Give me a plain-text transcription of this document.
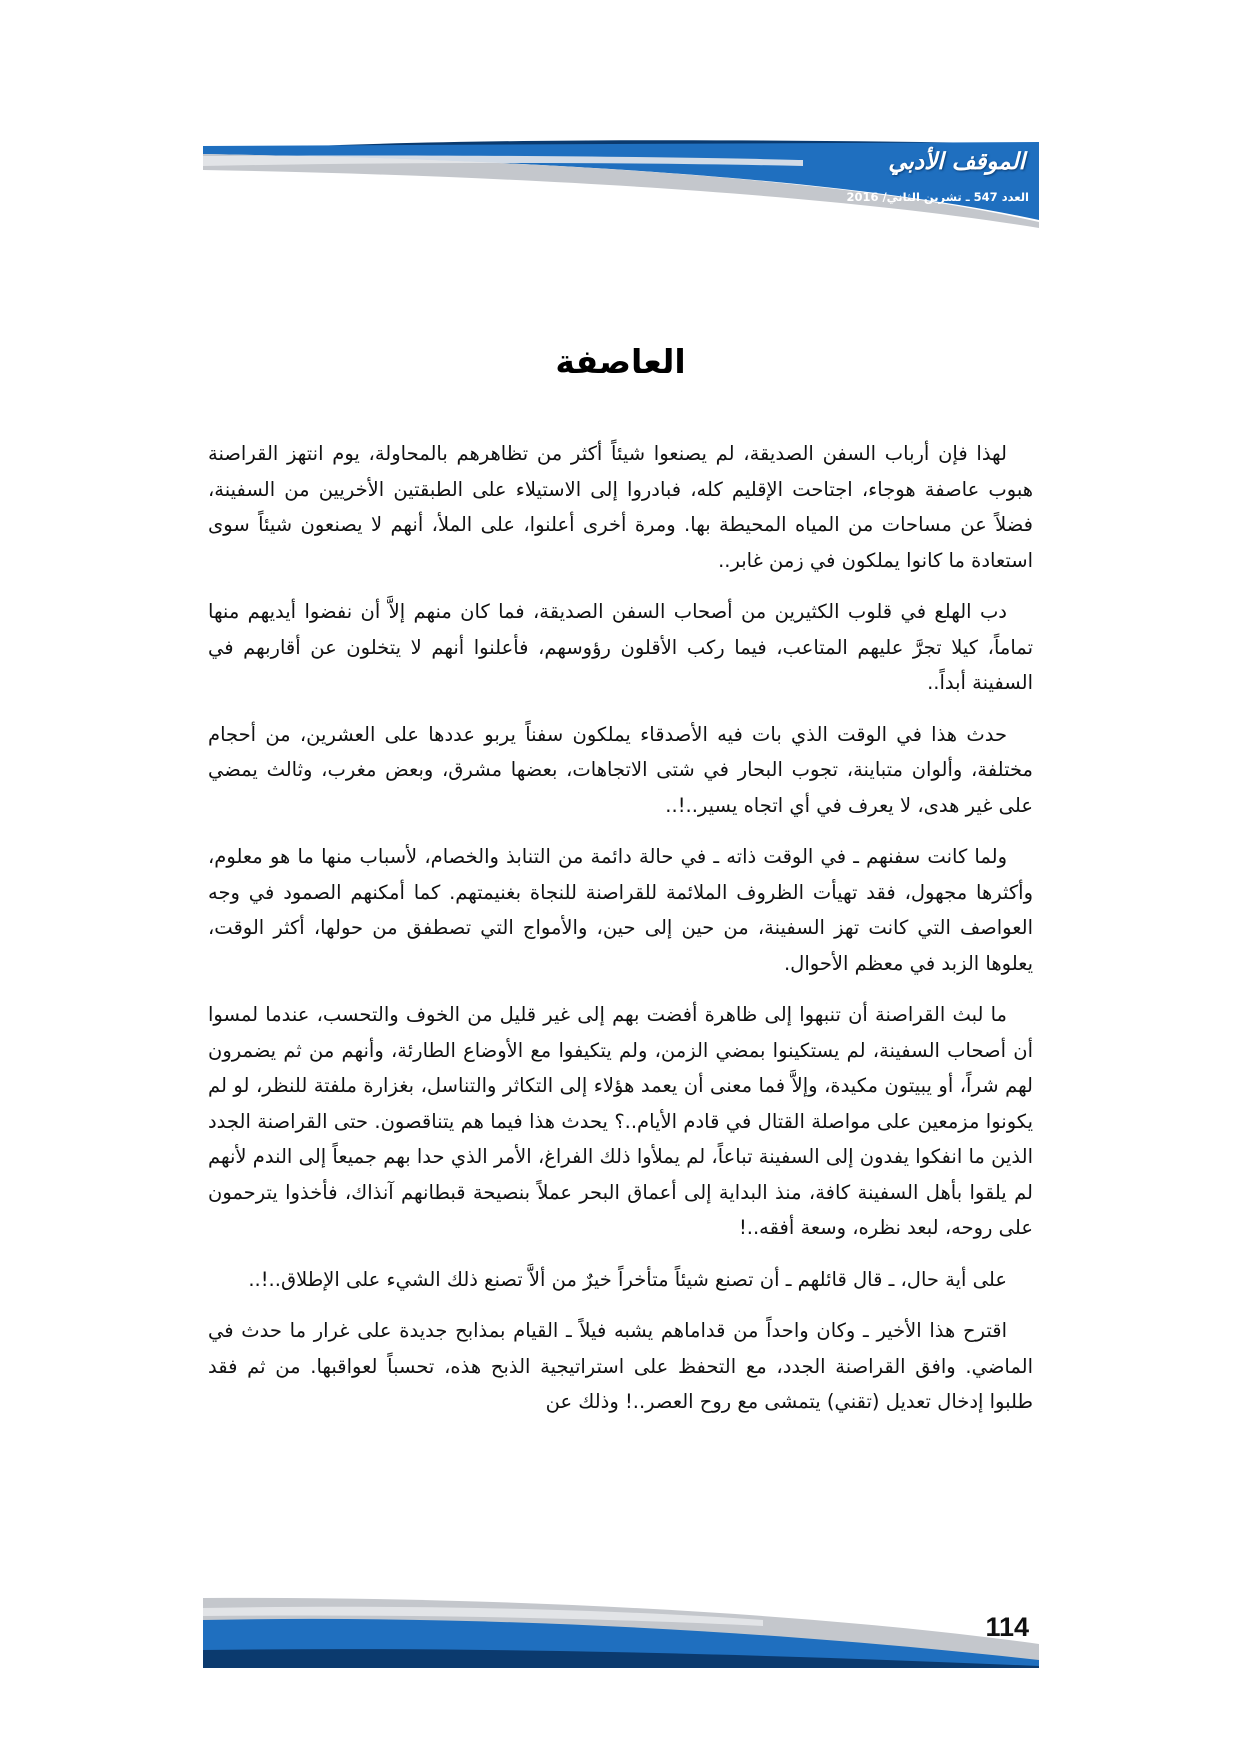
الموقف الأدبي
العدد 547 ـ تشرين الثاني/ 2016
العاصفة

لهذا فإن أرباب السفن الصديقة، لم يصنعوا شيئاً أكثر من تظاهرهم بالمحاولة، يوم انتهز القراصنة هبوب عاصفة هوجاء، اجتاحت الإقليم كله، فبادروا إلى الاستيلاء على الطبقتين الأخريين من السفينة، فضلاً عن مساحات من المياه المحيطة بها. ومرة أخرى أعلنوا، على الملأ، أنهم لا يصنعون شيئاً سوى استعادة ما كانوا يملكون في زمن غابر..

دب الهلع في قلوب الكثيرين من أصحاب السفن الصديقة، فما كان منهم إلاَّ أن نفضوا أيديهم منها تماماً، كيلا تجرَّ عليهم المتاعب، فيما ركب الأقلون رؤوسهم، فأعلنوا أنهم لا يتخلون عن أقاربهم في السفينة أبداً..

حدث هذا في الوقت الذي بات فيه الأصدقاء يملكون سفناً يربو عددها على العشرين، من أحجام مختلفة، وألوان متباينة، تجوب البحار في شتى الاتجاهات، بعضها مشرق، وبعض مغرب، وثالث يمضي على غير هدى، لا يعرف في أي اتجاه يسير..!..

ولما كانت سفنهم ـ في الوقت ذاته ـ في حالة دائمة من التنابذ والخصام، لأسباب منها ما هو معلوم، وأكثرها مجهول، فقد تهيأت الظروف الملائمة للقراصنة للنجاة بغنيمتهم. كما أمكنهم الصمود في وجه العواصف التي كانت تهز السفينة، من حين إلى حين، والأمواج التي تصطفق من حولها، أكثر الوقت، يعلوها الزبد في معظم الأحوال.

ما لبث القراصنة أن تنبهوا إلى ظاهرة أفضت بهم إلى غير قليل من الخوف والتحسب، عندما لمسوا أن أصحاب السفينة، لم يستكينوا بمضي الزمن، ولم يتكيفوا مع الأوضاع الطارئة، وأنهم من ثم يضمرون لهم شراً، أو يبيتون مكيدة، وإلاَّ فما معنى أن يعمد هؤلاء إلى التكاثر والتناسل، بغزارة ملفتة للنظر، لو لم يكونوا مزمعين على مواصلة القتال في قادم الأيام..؟ يحدث هذا فيما هم يتناقصون. حتى القراصنة الجدد الذين ما انفكوا يفدون إلى السفينة تباعاً، لم يملأوا ذلك الفراغ، الأمر الذي حدا بهم جميعاً إلى الندم لأنهم لم يلقوا بأهل السفينة كافة، منذ البداية إلى أعماق البحر عملاً بنصيحة قبطانهم آنذاك، فأخذوا يترحمون على روحه، لبعد نظره، وسعة أفقه..!

على أية حال، ـ قال قائلهم ـ أن تصنع شيئاً متأخراً خيرٌ من ألاَّ تصنع ذلك الشيء على الإطلاق..!..

اقترح هذا الأخير ـ وكان واحداً من قداماهم يشبه فيلاً ـ القيام بمذابح جديدة على غرار ما حدث في الماضي. وافق القراصنة الجدد، مع التحفظ على استراتيجية الذبح هذه، تحسباً لعواقبها. من ثم فقد طلبوا إدخال تعديل (تقني) يتمشى مع روح العصر..! وذلك عن

114
